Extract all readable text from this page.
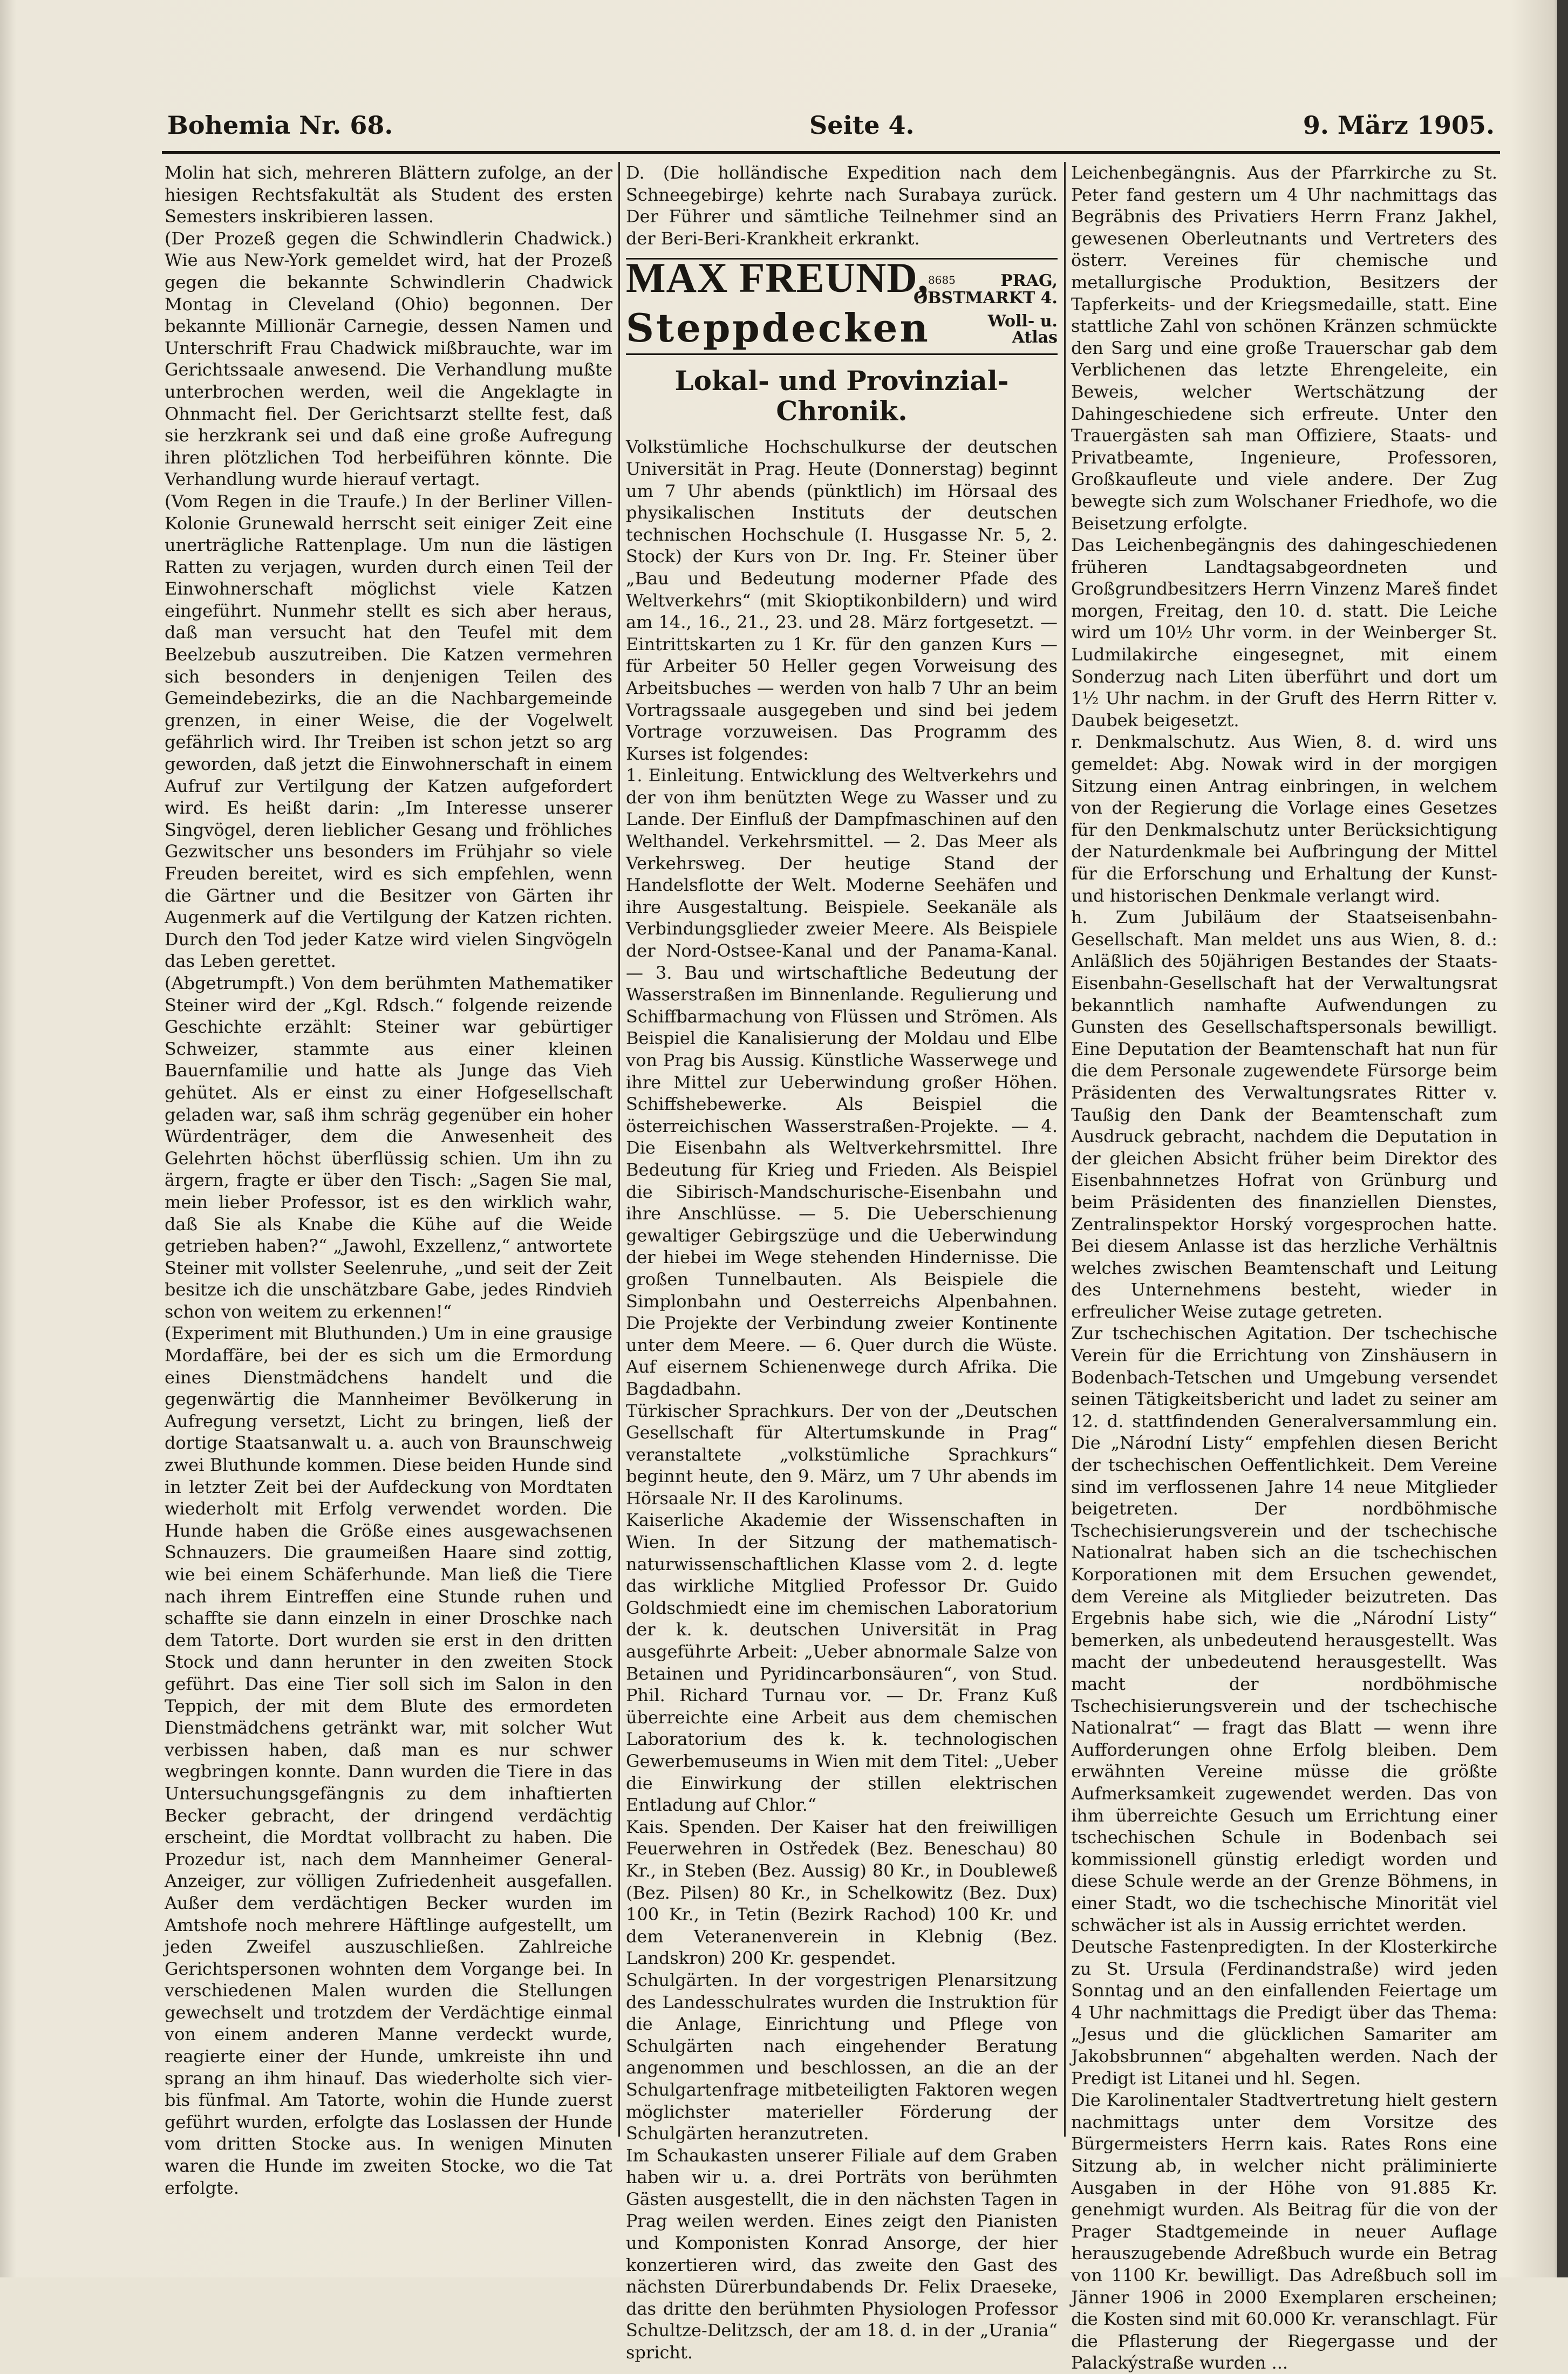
Bohemia Nr. 68.	Seite 4.	9. März 1905.

Molin hat sich, mehreren Blättern zufolge, an der hiesigen Rechtsfakultät als Student des ersten Semesters inskribieren lassen.

(Der Prozeß gegen die Schwindlerin Chadwick.) Wie aus New-York gemeldet wird, hat der Prozeß gegen die bekannte Schwindlerin Chadwick Montag in Cleveland (Ohio) begonnen. Der bekannte Millionär Carnegie, dessen Namen und Unterschrift Frau Chadwick mißbrauchte, war im Gerichtssaale anwesend. Die Verhandlung mußte unterbrochen werden, weil die Angeklagte in Ohnmacht fiel. Der Gerichtsarzt stellte fest, daß sie herzkrank sei und daß eine große Aufregung ihren plötzlichen Tod herbeiführen könnte. Die Verhandlung wurde hierauf vertagt.

(Vom Regen in die Traufe.) In der Berliner Villen-Kolonie Grunewald herrscht seit einiger Zeit eine unerträgliche Rattenplage. Um nun die lästigen Ratten zu verjagen, wurden durch einen Teil der Einwohnerschaft möglichst viele Katzen eingeführt. Nunmehr stellt es sich aber heraus, daß man versucht hat den Teufel mit dem Beelzebub auszutreiben. Die Katzen vermehren sich besonders in denjenigen Teilen des Gemeindebezirks, die an die Nachbargemeinde grenzen, in einer Weise, die der Vogelwelt gefährlich wird. Ihr Treiben ist schon jetzt so arg geworden, daß jetzt die Einwohnerschaft in einem Aufruf zur Vertilgung der Katzen aufgefordert wird. Es heißt darin: „Im Interesse unserer Singvögel, deren lieblicher Gesang und fröhliches Gezwitscher uns besonders im Frühjahr so viele Freuden bereitet, wird es sich empfehlen, wenn die Gärtner und die Besitzer von Gärten ihr Augenmerk auf die Vertilgung der Katzen richten. Durch den Tod jeder Katze wird vielen Singvögeln das Leben gerettet.

(Abgetrumpft.) Von dem berühmten Mathematiker Steiner wird der „Kgl. Rdsch.“ folgende reizende Geschichte erzählt: Steiner war gebürtiger Schweizer, stammte aus einer kleinen Bauernfamilie und hatte als Junge das Vieh gehütet. Als er einst zu einer Hofgesellschaft geladen war, saß ihm schräg gegenüber ein hoher Würdenträger, dem die Anwesenheit des Gelehrten höchst überflüssig schien. Um ihn zu ärgern, fragte er über den Tisch: „Sagen Sie mal, mein lieber Professor, ist es den wirklich wahr, daß Sie als Knabe die Kühe auf die Weide getrieben haben?“ „Jawohl, Exzellenz,“ antwortete Steiner mit vollster Seelenruhe, „und seit der Zeit besitze ich die unschätzbare Gabe, jedes Rindvieh schon von weitem zu erkennen!“

(Experiment mit Bluthunden.) Um in eine grausige Mordaffäre, bei der es sich um die Ermordung eines Dienstmädchens handelt und die gegenwärtig die Mannheimer Bevölkerung in Aufregung versetzt, Licht zu bringen, ließ der dortige Staatsanwalt u. a. auch von Braunschweig zwei Bluthunde kommen. Diese beiden Hunde sind in letzter Zeit bei der Aufdeckung von Mordtaten wiederholt mit Erfolg verwendet worden. Die Hunde haben die Größe eines ausgewachsenen Schnauzers. Die graumeißen Haare sind zottig, wie bei einem Schäferhunde. Man ließ die Tiere nach ihrem Eintreffen eine Stunde ruhen und schaffte sie dann einzeln in einer Droschke nach dem Tatorte. Dort wurden sie erst in den dritten Stock und dann herunter in den zweiten Stock geführt. Das eine Tier soll sich im Salon in den Teppich, der mit dem Blute des ermordeten Dienstmädchens getränkt war, mit solcher Wut verbissen haben, daß man es nur schwer wegbringen konnte. Dann wurden die Tiere in das Untersuchungsgefängnis zu dem inhaftierten Becker gebracht, der dringend verdächtig erscheint, die Mordtat vollbracht zu haben. Die Prozedur ist, nach dem Mannheimer General-Anzeiger, zur völligen Zufriedenheit ausgefallen. Außer dem verdächtigen Becker wurden im Amtshofe noch mehrere Häftlinge aufgestellt, um jeden Zweifel auszuschließen. Zahlreiche Gerichtspersonen wohnten dem Vorgange bei. In verschiedenen Malen wurden die Stellungen gewechselt und trotzdem der Verdächtige einmal von einem anderen Manne verdeckt wurde, reagierte einer der Hunde, umkreiste ihn und sprang an ihm hinauf. Das wiederholte sich vier- bis fünfmal. Am Tatorte, wohin die Hunde zuerst geführt wurden, erfolgte das Loslassen der Hunde vom dritten Stocke aus. In wenigen Minuten waren die Hunde im zweiten Stocke, wo die Tat erfolgte.

D. (Die holländische Expedition nach dem Schneegebirge) kehrte nach Surabaya zurück. Der Führer und sämtliche Teilnehmer sind an der Beri-Beri-Krankheit erkrankt.

MAX FREUND,
8685	PRAG,
OBSTMARKT 4.
Steppdecken	Woll- u.
Atlas
Lokal- und Provinzial-Chronik.

Volkstümliche Hochschulkurse der deutschen Universität in Prag. Heute (Donnerstag) beginnt um 7 Uhr abends (pünktlich) im Hörsaal des physikalischen Instituts der deutschen technischen Hochschule (I. Husgasse Nr. 5, 2. Stock) der Kurs von Dr. Ing. Fr. Steiner über „Bau und Bedeutung moderner Pfade des Weltverkehrs“ (mit Skioptikonbildern) und wird am 14., 16., 21., 23. und 28. März fortgesetzt. — Eintrittskarten zu 1 Kr. für den ganzen Kurs — für Arbeiter 50 Heller gegen Vorweisung des Arbeitsbuches — werden von halb 7 Uhr an beim Vortragssaale ausgegeben und sind bei jedem Vortrage vorzuweisen. Das Programm des Kurses ist folgendes:

1. Einleitung. Entwicklung des Weltverkehrs und der von ihm benützten Wege zu Wasser und zu Lande. Der Einfluß der Dampfmaschinen auf den Welthandel. Verkehrsmittel. — 2. Das Meer als Verkehrsweg. Der heutige Stand der Handelsflotte der Welt. Moderne Seehäfen und ihre Ausgestaltung. Beispiele. Seekanäle als Verbindungsglieder zweier Meere. Als Beispiele der Nord-Ostsee-Kanal und der Panama-Kanal. — 3. Bau und wirtschaftliche Bedeutung der Wasserstraßen im Binnenlande. Regulierung und Schiffbarmachung von Flüssen und Strömen. Als Beispiel die Kanalisierung der Moldau und Elbe von Prag bis Aussig. Künstliche Wasserwege und ihre Mittel zur Ueberwindung großer Höhen. Schiffshebewerke. Als Beispiel die österreichischen Wasserstraßen-Projekte. — 4. Die Eisenbahn als Weltverkehrsmittel. Ihre Bedeutung für Krieg und Frieden. Als Beispiel die Sibirisch-Mandschurische-Eisenbahn und ihre Anschlüsse. — 5. Die Ueberschienung gewaltiger Gebirgszüge und die Ueberwindung der hiebei im Wege stehenden Hindernisse. Die großen Tunnelbauten. Als Beispiele die Simplonbahn und Oesterreichs Alpenbahnen. Die Projekte der Verbindung zweier Kontinente unter dem Meere. — 6. Quer durch die Wüste. Auf eisernem Schienenwege durch Afrika. Die Bagdadbahn.

Türkischer Sprachkurs. Der von der „Deutschen Gesellschaft für Altertumskunde in Prag“ veranstaltete „volkstümliche Sprachkurs“ beginnt heute, den 9. März, um 7 Uhr abends im Hörsaale Nr. II des Karolinums.

Kaiserliche Akademie der Wissenschaften in Wien. In der Sitzung der mathematisch-naturwissenschaftlichen Klasse vom 2. d. legte das wirkliche Mitglied Professor Dr. Guido Goldschmiedt eine im chemischen Laboratorium der k. k. deutschen Universität in Prag ausgeführte Arbeit: „Ueber abnormale Salze von Betainen und Pyridincarbonsäuren“, von Stud. Phil. Richard Turnau vor. — Dr. Franz Kuß überreichte eine Arbeit aus dem chemischen Laboratorium des k. k. technologischen Gewerbemuseums in Wien mit dem Titel: „Ueber die Einwirkung der stillen elektrischen Entladung auf Chlor.“

Kais. Spenden. Der Kaiser hat den freiwilligen Feuerwehren in Ostředek (Bez. Beneschau) 80 Kr., in Steben (Bez. Aussig) 80 Kr., in Doubleweß (Bez. Pilsen) 80 Kr., in Schelkowitz (Bez. Dux) 100 Kr., in Tetin (Bezirk Rachod) 100 Kr. und dem Veteranenverein in Klebnig (Bez. Landskron) 200 Kr. gespendet.

Schulgärten. In der vorgestrigen Plenarsitzung des Landesschulrates wurden die Instruktion für die Anlage, Einrichtung und Pflege von Schulgärten nach eingehender Beratung angenommen und beschlossen, an die an der Schulgartenfrage mitbeteiligten Faktoren wegen möglichster materieller Förderung der Schulgärten heranzutreten.

Im Schaukasten unserer Filiale auf dem Graben haben wir u. a. drei Porträts von berühmten Gästen ausgestellt, die in den nächsten Tagen in Prag weilen werden. Eines zeigt den Pianisten und Komponisten Konrad Ansorge, der hier konzertieren wird, das zweite den Gast des nächsten Dürerbundabends Dr. Felix Draeseke, das dritte den berühmten Physiologen Professor Schultze-Delitzsch, der am 18. d. in der „Urania“ spricht.

Leichenbegängnis. Aus der Pfarrkirche zu St. Peter fand gestern um 4 Uhr nachmittags das Begräbnis des Privatiers Herrn Franz Jakhel, gewesenen Oberleutnants und Vertreters des österr. Vereines für chemische und metallurgische Produktion, Besitzers der Tapferkeits- und der Kriegsmedaille, statt. Eine stattliche Zahl von schönen Kränzen schmückte den Sarg und eine große Trauerschar gab dem Verblichenen das letzte Ehrengeleite, ein Beweis, welcher Wertschätzung der Dahingeschiedene sich erfreute. Unter den Trauergästen sah man Offiziere, Staats- und Privatbeamte, Ingenieure, Professoren, Großkaufleute und viele andere. Der Zug bewegte sich zum Wolschaner Friedhofe, wo die Beisetzung erfolgte.

Das Leichenbegängnis des dahingeschiedenen früheren Landtagsabgeordneten und Großgrundbesitzers Herrn Vinzenz Mareš findet morgen, Freitag, den 10. d. statt. Die Leiche wird um 10½ Uhr vorm. in der Weinberger St. Ludmilakirche eingesegnet, mit einem Sonderzug nach Liten überführt und dort um 1½ Uhr nachm. in der Gruft des Herrn Ritter v. Daubek beigesetzt.

r. Denkmalschutz. Aus Wien, 8. d. wird uns gemeldet: Abg. Nowak wird in der morgigen Sitzung einen Antrag einbringen, in welchem von der Regierung die Vorlage eines Gesetzes für den Denkmalschutz unter Berücksichtigung der Naturdenkmale bei Aufbringung der Mittel für die Erforschung und Erhaltung der Kunst- und historischen Denkmale verlangt wird.

h. Zum Jubiläum der Staatseisenbahn-Gesellschaft. Man meldet uns aus Wien, 8. d.: Anläßlich des 50jährigen Bestandes der Staats-Eisenbahn-Gesellschaft hat der Verwaltungsrat bekanntlich namhafte Aufwendungen zu Gunsten des Gesellschaftspersonals bewilligt. Eine Deputation der Beamtenschaft hat nun für die dem Personale zugewendete Fürsorge beim Präsidenten des Verwaltungsrates Ritter v. Taußig den Dank der Beamtenschaft zum Ausdruck gebracht, nachdem die Deputation in der gleichen Absicht früher beim Direktor des Eisenbahnnetzes Hofrat von Grünburg und beim Präsidenten des finanziellen Dienstes, Zentralinspektor Horský vorgesprochen hatte. Bei diesem Anlasse ist das herzliche Verhältnis welches zwischen Beamtenschaft und Leitung des Unternehmens besteht, wieder in erfreulicher Weise zutage getreten.

Zur tschechischen Agitation. Der tschechische Verein für die Errichtung von Zinshäusern in Bodenbach-Tetschen und Umgebung versendet seinen Tätigkeitsbericht und ladet zu seiner am 12. d. stattfindenden Generalversammlung ein. Die „Národní Listy“ empfehlen diesen Bericht der tschechischen Oeffentlichkeit. Dem Vereine sind im verflossenen Jahre 14 neue Mitglieder beigetreten. Der nordböhmische Tschechisierungsverein und der tschechische Nationalrat haben sich an die tschechischen Korporationen mit dem Ersuchen gewendet, dem Vereine als Mitglieder beizutreten. Das Ergebnis habe sich, wie die „Národní Listy“ bemerken, als unbedeutend herausgestellt. Was macht der unbedeutend herausgestellt. Was macht der nordböhmische Tschechisierungsverein und der tschechische Nationalrat“ — fragt das Blatt — wenn ihre Aufforderungen ohne Erfolg bleiben. Dem erwähnten Vereine müsse die größte Aufmerksamkeit zugewendet werden. Das von ihm überreichte Gesuch um Errichtung einer tschechischen Schule in Bodenbach sei kommissionell günstig erledigt worden und diese Schule werde an der Grenze Böhmens, in einer Stadt, wo die tschechische Minorität viel schwächer ist als in Aussig errichtet werden.

Deutsche Fastenpredigten. In der Klosterkirche zu St. Ursula (Ferdinandstraße) wird jeden Sonntag und an den einfallenden Feiertage um 4 Uhr nachmittags die Predigt über das Thema: „Jesus und die glücklichen Samariter am Jakobsbrunnen“ abgehalten werden. Nach der Predigt ist Litanei und hl. Segen.

Die Karolinentaler Stadtvertretung hielt gestern nachmittags unter dem Vorsitze des Bürgermeisters Herrn kais. Rates Rons eine Sitzung ab, in welcher nicht präliminierte Ausgaben in der Höhe von 91.885 Kr. genehmigt wurden. Als Beitrag für die von der Prager Stadtgemeinde in neuer Auflage herauszugebende Adreßbuch wurde ein Betrag von 1100 Kr. bewilligt. Das Adreßbuch soll im Jänner 1906 in 2000 Exemplaren erscheinen; die Kosten sind mit 60.000 Kr. veranschlagt. Für die Pflasterung der Riegergasse und der Palackýstraße wurden ...
